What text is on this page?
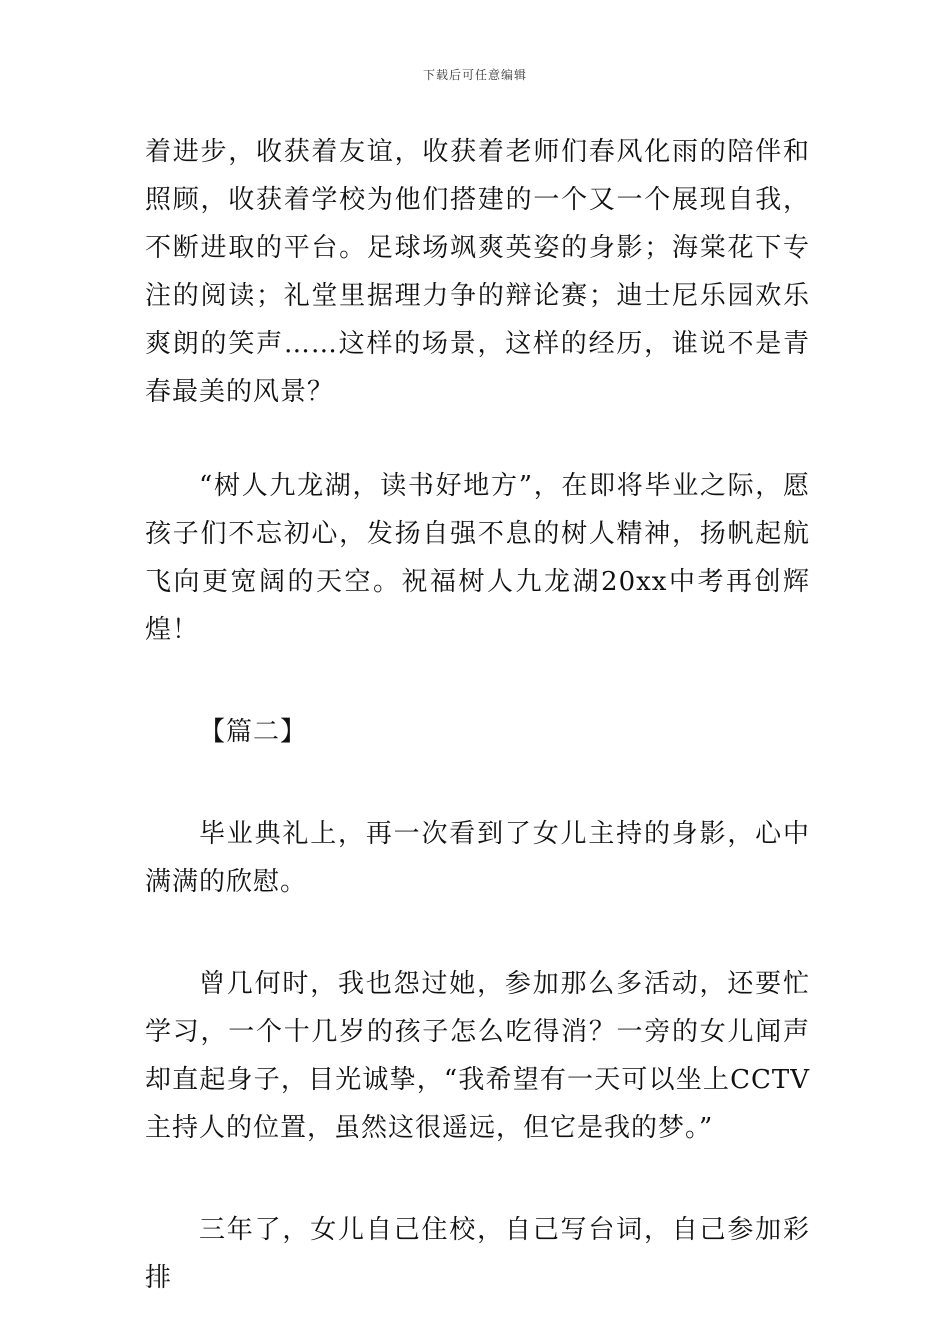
下载后可任意编辑

着进步，收获着友谊，收获着老师们春风化雨的陪伴和照顾，收获着学校为他们搭建的一个又一个展现自我，不断进取的平台。足球场飒爽英姿的身影；海棠花下专注的阅读；礼堂里据理力争的辩论赛；迪士尼乐园欢乐爽朗的笑声……这样的场景，这样的经历，谁说不是青春最美的风景？

“树人九龙湖，读书好地方”，在即将毕业之际，愿孩子们不忘初心，发扬自强不息的树人精神，扬帆起航飞向更宽阔的天空。祝福树人九龙湖20xx中考再创辉煌！

【篇二】

毕业典礼上，再一次看到了女儿主持的身影，心中满满的欣慰。

曾几何时，我也怨过她，参加那么多活动，还要忙学习，一个十几岁的孩子怎么吃得消？一旁的女儿闻声却直起身子，目光诚挚，“我希望有一天可以坐上CCTV主持人的位置，虽然这很遥远，但它是我的梦。”

三年了，女儿自己住校，自己写台词，自己参加彩排
